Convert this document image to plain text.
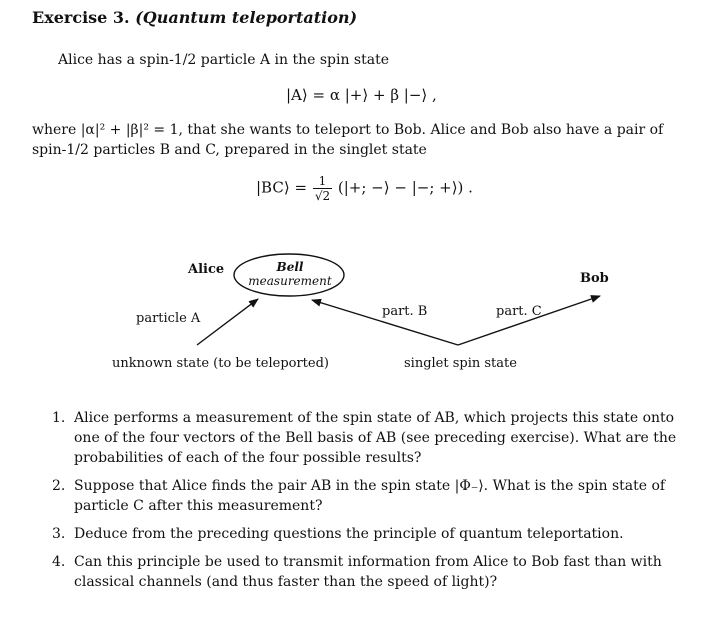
Exercise 3. (Quantum teleportation)
Alice has a spin-1/2 particle A in the spin state
|A⟩ = α |+⟩ + β |−⟩ ,
where |α|² + |β|² = 1, that she wants to teleport to Bob. Alice and Bob also have a pair of
spin-1/2 particles B and C, prepared in the singlet state
|BC⟩ = $\frac{1}{√2}$ (|+; −⟩ − |−; +⟩) .
Alice
Bob
Bell
measurement
particle A	part. B	part. C
unknown state (to be teleported)	singlet spin state
1. Alice performs a measurement of the spin state of AB, which projects this state onto one of the four vectors of the Bell basis of AB (see preceding exercise). What are the probabilities of each of the four possible results?
2. Suppose that Alice finds the pair AB in the spin state |Φ₋⟩. What is the spin state of particle C after this measurement?
3. Deduce from the preceding questions the principle of quantum teleportation.
4. Can this principle be used to transmit information from Alice to Bob fast than with classical channels (and thus faster than the speed of light)?
